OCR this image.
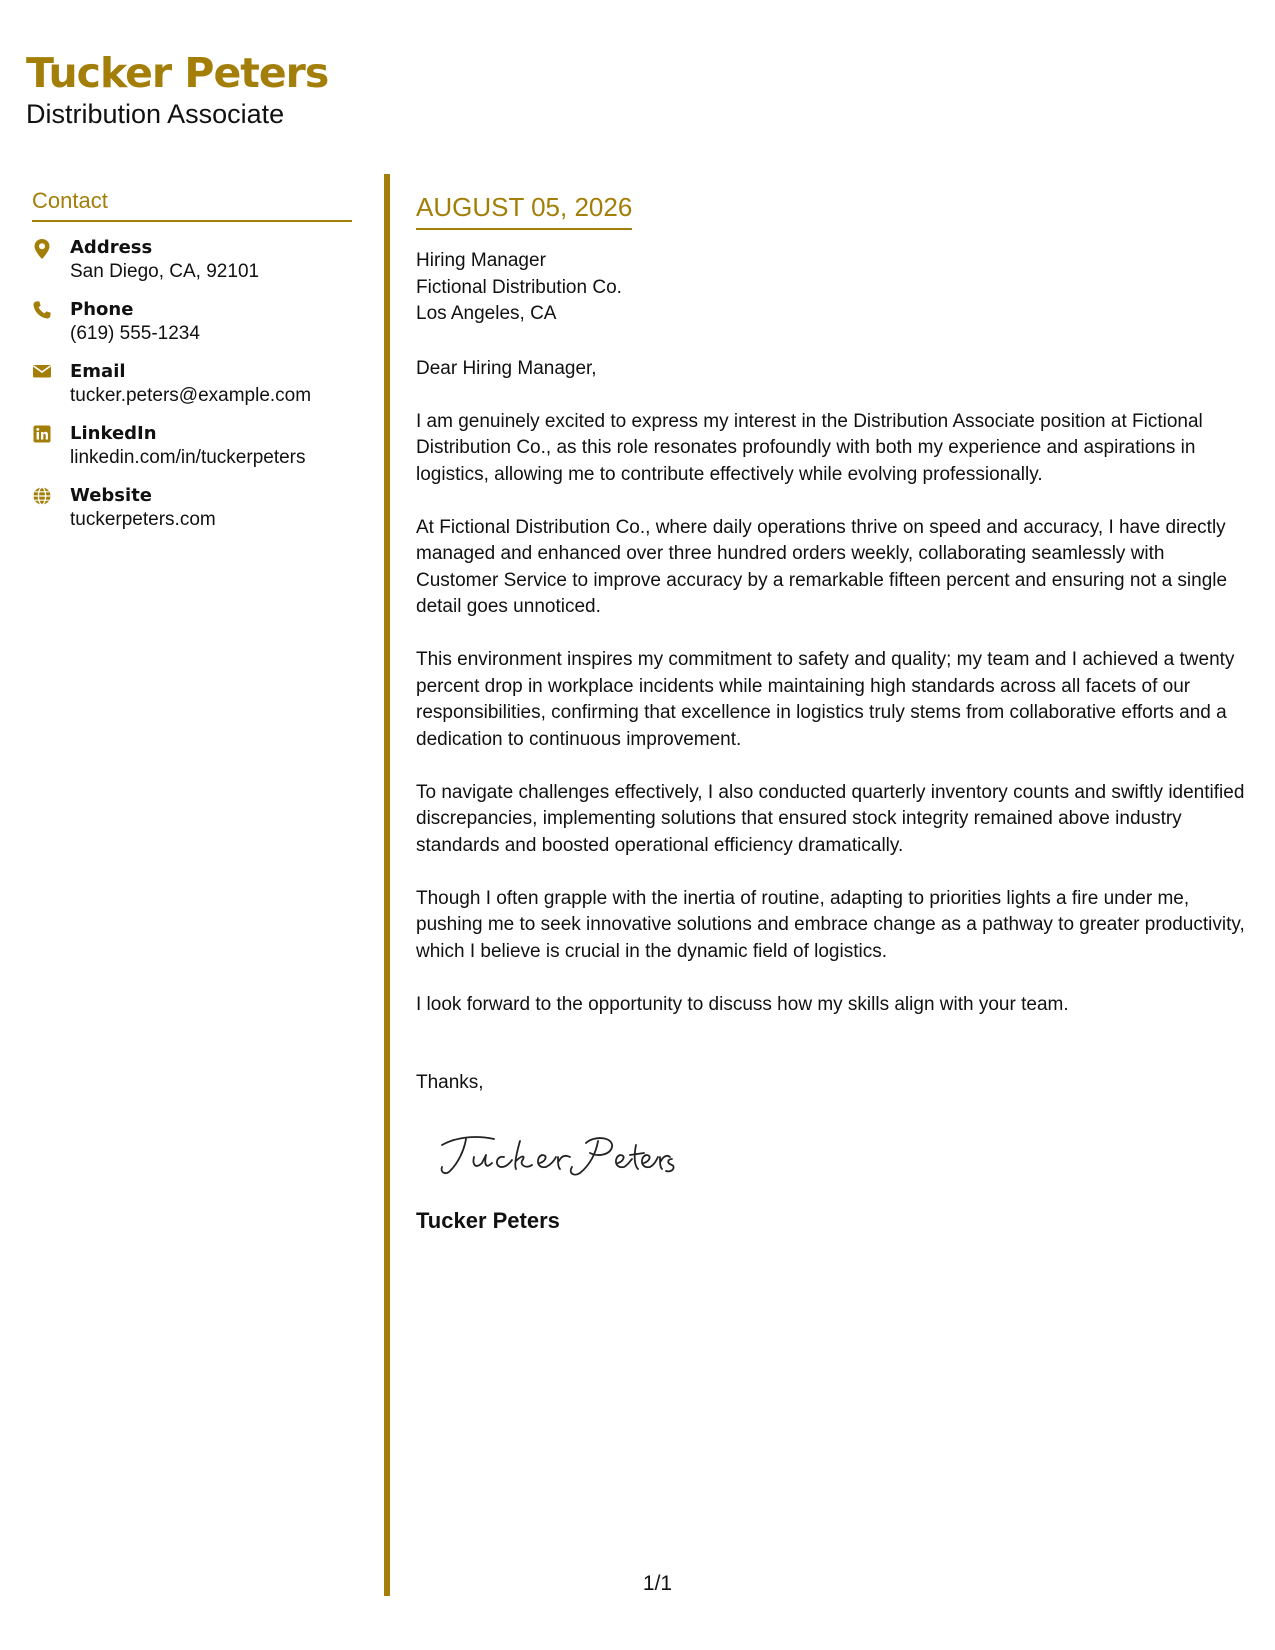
Tucker Peters
Distribution Associate
Contact
Address
San Diego, CA, 92101
Phone
(619) 555-1234
Email
tucker.peters@example.com
LinkedIn
linkedin.com/in/tuckerpeters
Website
tuckerpeters.com
AUGUST 05, 2026
Hiring Manager
Fictional Distribution Co.
Los Angeles, CA
Dear Hiring Manager,
I am genuinely excited to express my interest in the Distribution Associate position at Fictional Distribution Co., as this role resonates profoundly with both my experience and aspirations in logistics, allowing me to contribute effectively while evolving professionally.
At Fictional Distribution Co., where daily operations thrive on speed and accuracy, I have directly managed and enhanced over three hundred orders weekly, collaborating seamlessly with Customer Service to improve accuracy by a remarkable fifteen percent and ensuring not a single detail goes unnoticed.
This environment inspires my commitment to safety and quality; my team and I achieved a twenty percent drop in workplace incidents while maintaining high standards across all facets of our responsibilities, confirming that excellence in logistics truly stems from collaborative efforts and a dedication to continuous improvement.
To navigate challenges effectively, I also conducted quarterly inventory counts and swiftly identified discrepancies, implementing solutions that ensured stock integrity remained above industry standards and boosted operational efficiency dramatically.
Though I often grapple with the inertia of routine, adapting to priorities lights a fire under me, pushing me to seek innovative solutions and embrace change as a pathway to greater productivity, which I believe is crucial in the dynamic field of logistics.
I look forward to the opportunity to discuss how my skills align with your team.
Thanks,
Tucker Peters
1/1
